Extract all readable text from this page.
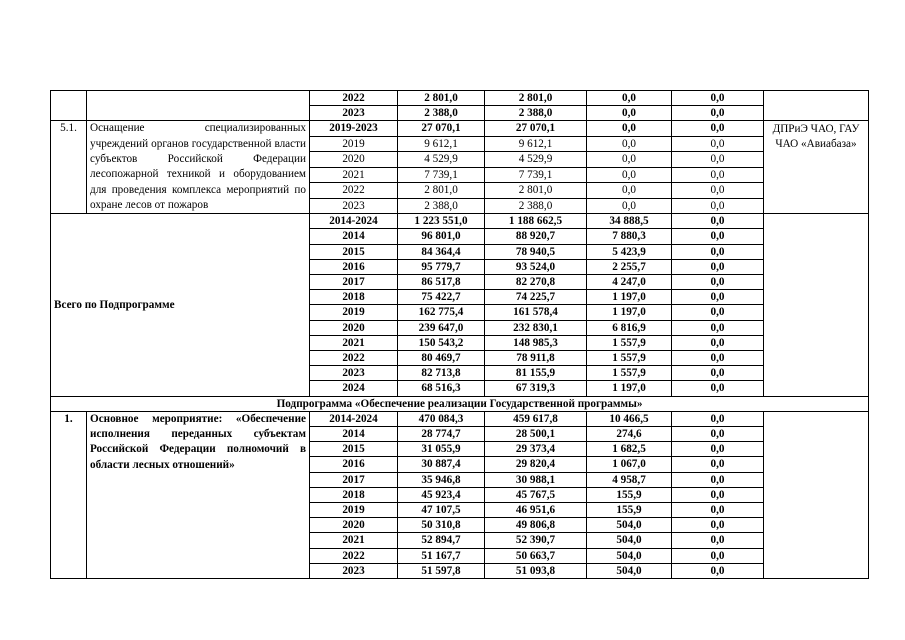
		2022	2 801,0	2 801,0	0,0	0,0	
		2023	2 388,0	2 388,0	0,0	0,0	
5.1.	Оснащение специализированных учреждений органов государственной власти субъектов Российской Федерации лесопожарной техникой и оборудованием для проведения комплекса мероприятий по охране лесов от пожаров	2019-2023	27 070,1	27 070,1	0,0	0,0	ДПРиЭ ЧАО, ГАУ ЧАО «Авиабаза»
		2019	9 612,1	9 612,1	0,0	0,0	
		2020	4 529,9	4 529,9	0,0	0,0	
		2021	7 739,1	7 739,1	0,0	0,0	
		2022	2 801,0	2 801,0	0,0	0,0	
		2023	2 388,0	2 388,0	0,0	0,0	
Всего по Подпрограмме		2014-2024	1 223 551,0	1 188 662,5	34 888,5	0,0	
		2014	96 801,0	88 920,7	7 880,3	0,0	
		2015	84 364,4	78 940,5	5 423,9	0,0	
		2016	95 779,7	93 524,0	2 255,7	0,0	
		2017	86 517,8	82 270,8	4 247,0	0,0	
		2018	75 422,7	74 225,7	1 197,0	0,0	
		2019	162 775,4	161 578,4	1 197,0	0,0	
		2020	239 647,0	232 830,1	6 816,9	0,0	
		2021	150 543,2	148 985,3	1 557,9	0,0	
		2022	80 469,7	78 911,8	1 557,9	0,0	
		2023	82 713,8	81 155,9	1 557,9	0,0	
		2024	68 516,3	67 319,3	1 197,0	0,0	
Подпрограмма «Обеспечение реализации Государственной программы»							
1.	Основное мероприятие: «Обеспечение исполнения переданных субъектам Российской Федерации полномочий в области лесных отношений»	2014-2024	470 084,3	459 617,8	10 466,5	0,0	
		2014	28 774,7	28 500,1	274,6	0,0	
		2015	31 055,9	29 373,4	1 682,5	0,0	
		2016	30 887,4	29 820,4	1 067,0	0,0	
		2017	35 946,8	30 988,1	4 958,7	0,0	
		2018	45 923,4	45 767,5	155,9	0,0	
		2019	47 107,5	46 951,6	155,9	0,0	
		2020	50 310,8	49 806,8	504,0	0,0	
		2021	52 894,7	52 390,7	504,0	0,0	
		2022	51 167,7	50 663,7	504,0	0,0	
		2023	51 597,8	51 093,8	504,0	0,0	
